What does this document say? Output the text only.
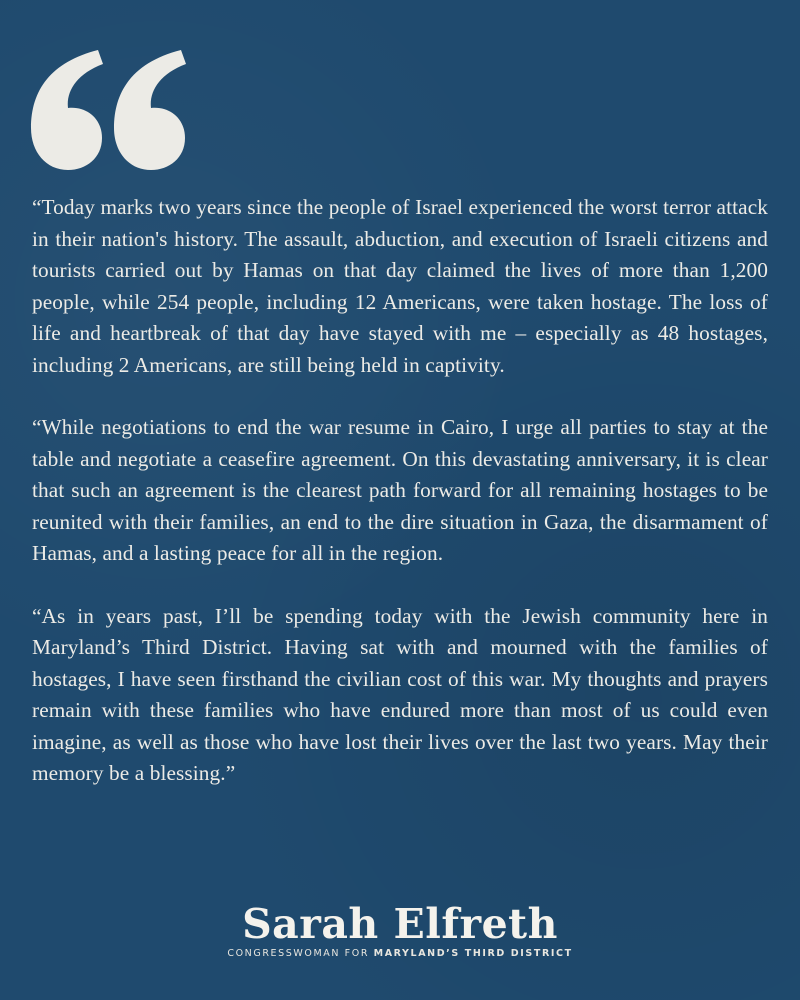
“Today marks two years since the people of Israel experienced the worst terror attack in their nation's history. The assault, abduction, and execution of Israeli citizens and tourists carried out by Hamas on that day claimed the lives of more than 1,200 people, while 254 people, including 12 Americans, were taken hostage. The loss of life and heartbreak of that day have stayed with me – especially as 48 hostages, including 2 Americans, are still being held in captivity.

“While negotiations to end the war resume in Cairo, I urge all parties to stay at the table and negotiate a ceasefire agreement. On this devastating anniversary, it is clear that such an agreement is the clearest path forward for all remaining hostages to be reunited with their families, an end to the dire situation in Gaza, the disarmament of Hamas, and a lasting peace for all in the region.

“As in years past, I’ll be spending today with the Jewish community here in Maryland’s Third District. Having sat with and mourned with the families of hostages, I have seen firsthand the civilian cost of this war. My thoughts and prayers remain with these families who have endured more than most of us could even imagine, as well as those who have lost their lives over the last two years. May their memory be a blessing.”

Sarah Elfreth
CONGRESSWOMAN FOR MARYLAND’S THIRD DISTRICT
